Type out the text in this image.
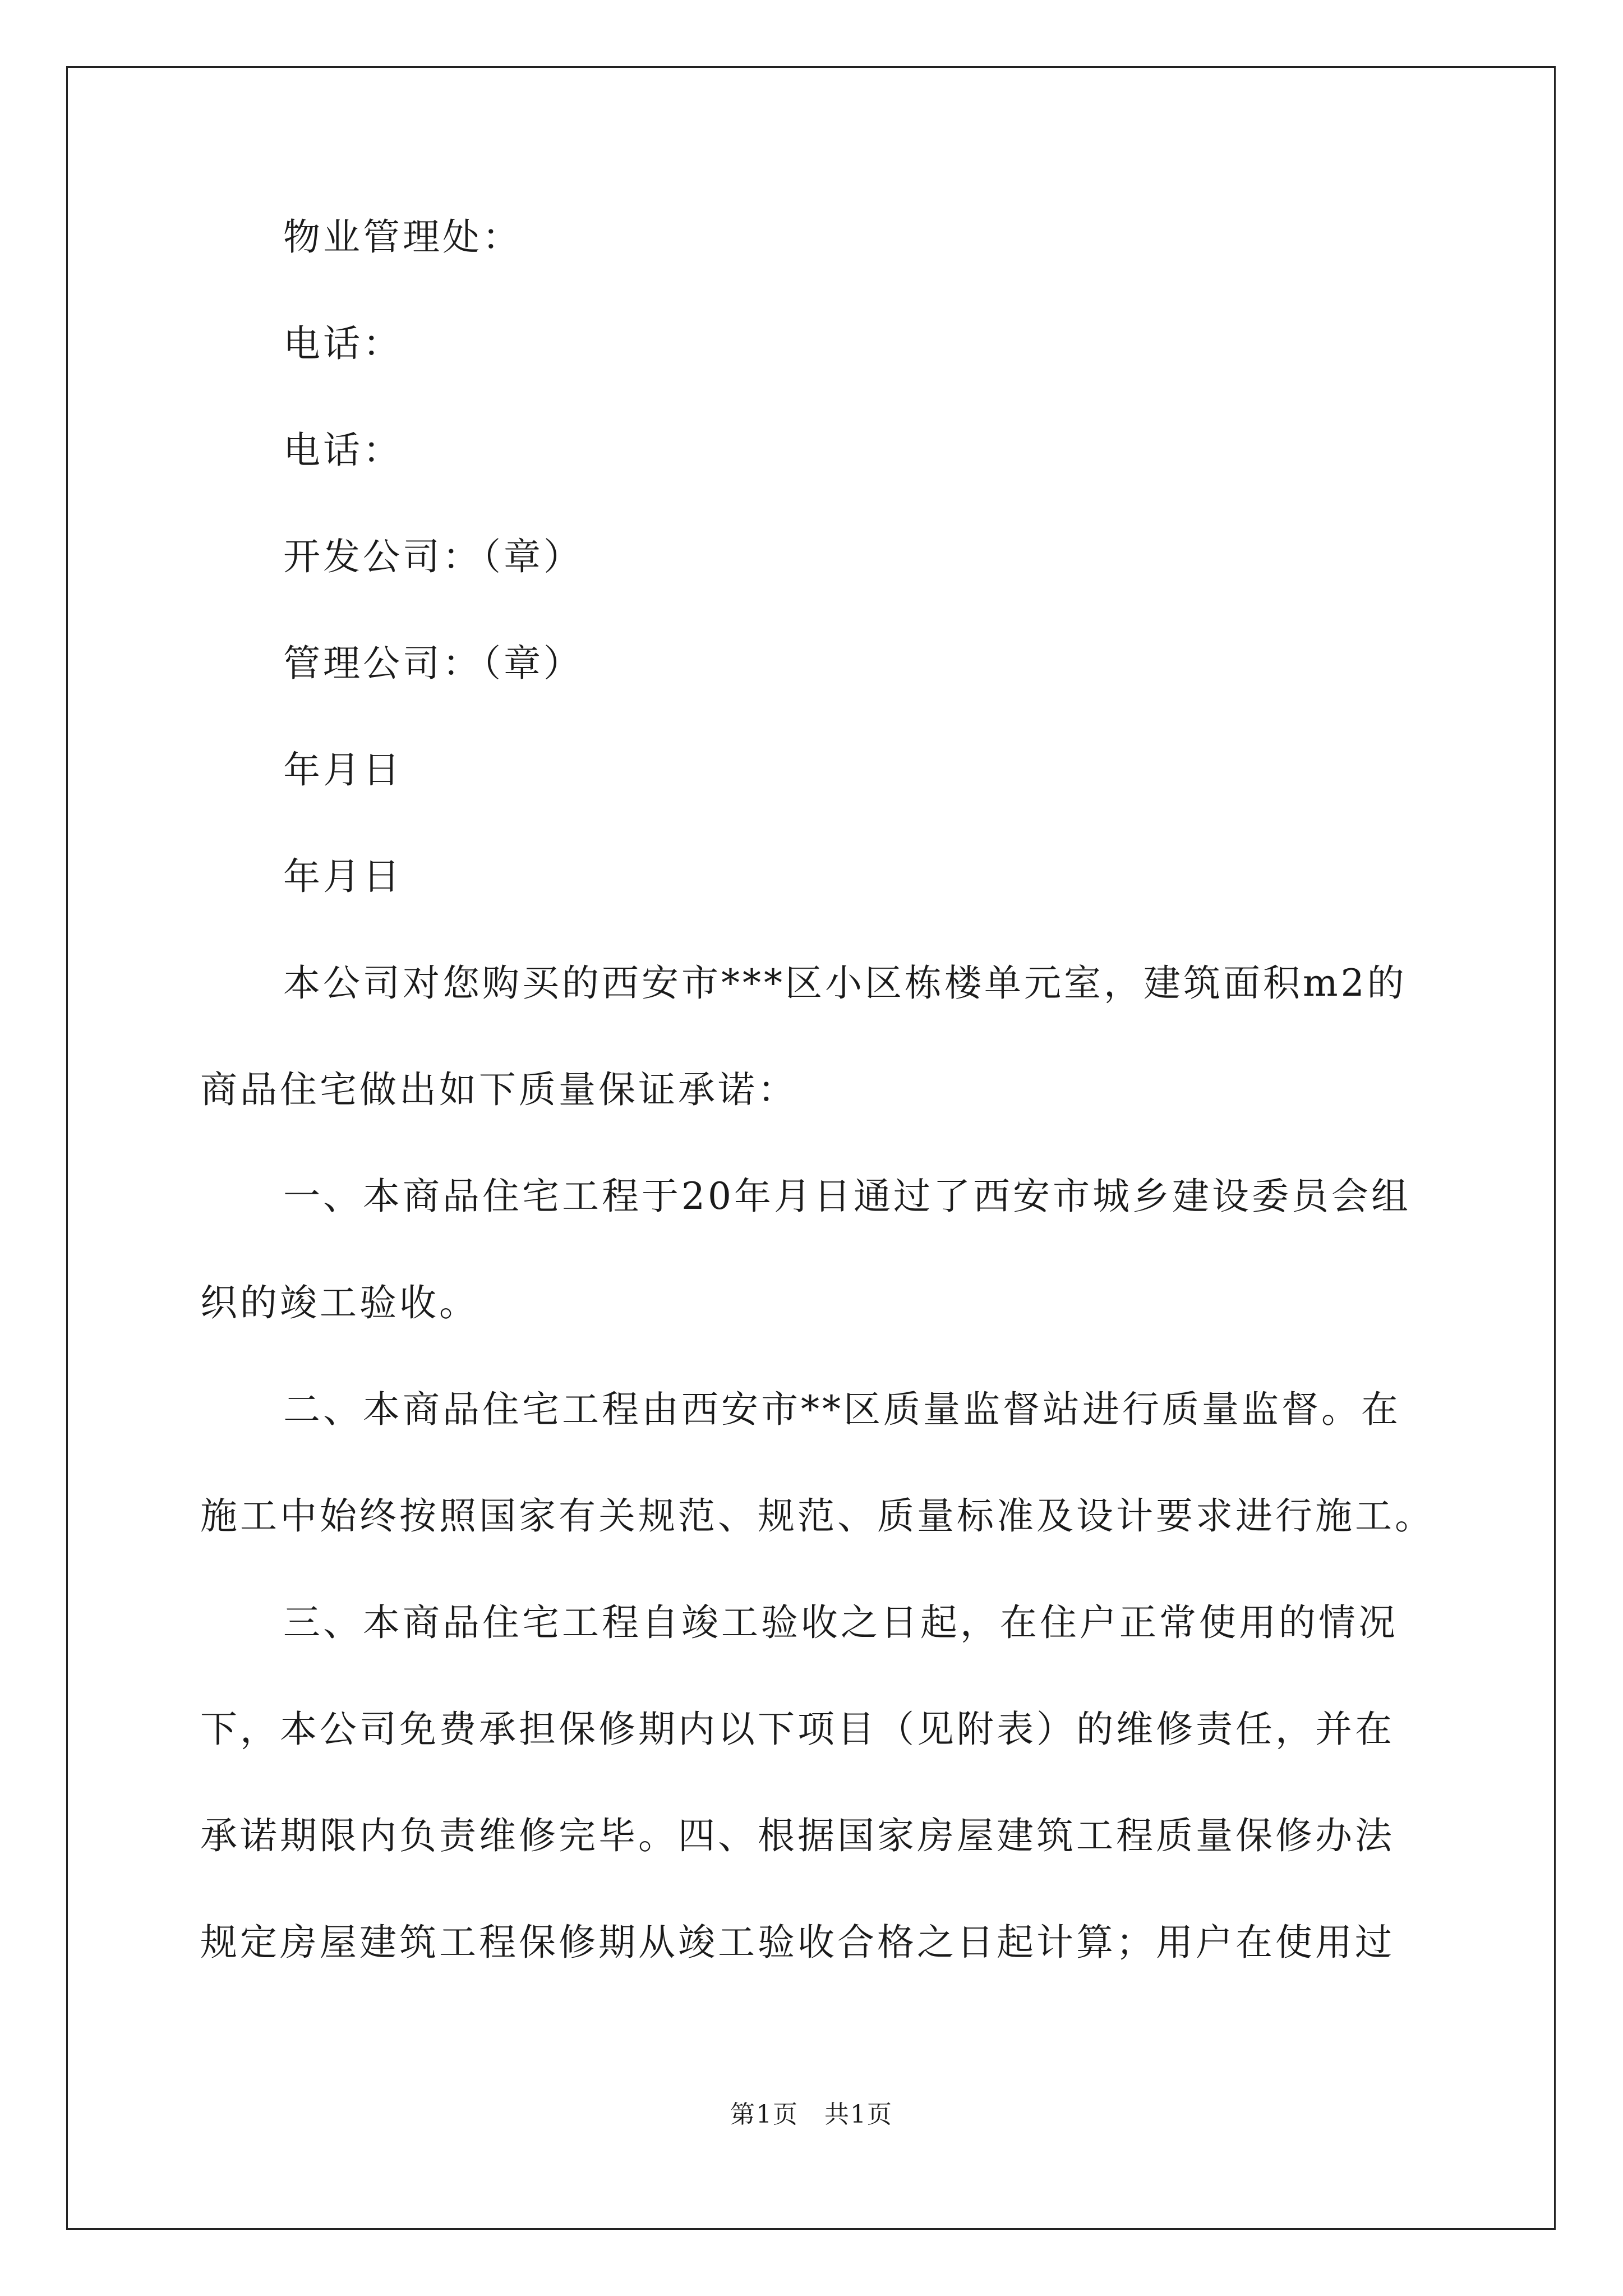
物业管理处：
电话：
电话：
开发公司：（章）
管理公司：（章）
年月日
年月日
本公司对您购买的西安市***区小区栋楼单元室，建筑面积m2的
商品住宅做出如下质量保证承诺：
一、本商品住宅工程于20年月日通过了西安市城乡建设委员会组
织的竣工验收。
二、本商品住宅工程由西安市**区质量监督站进行质量监督。在
施工中始终按照国家有关规范、规范、质量标准及设计要求进行施工。
三、本商品住宅工程自竣工验收之日起，在住户正常使用的情况
下，本公司免费承担保修期内以下项目（见附表）的维修责任，并在
承诺期限内负责维修完毕。四、根据国家房屋建筑工程质量保修办法
规定房屋建筑工程保修期从竣工验收合格之日起计算；用户在使用过
第1页　共1页
